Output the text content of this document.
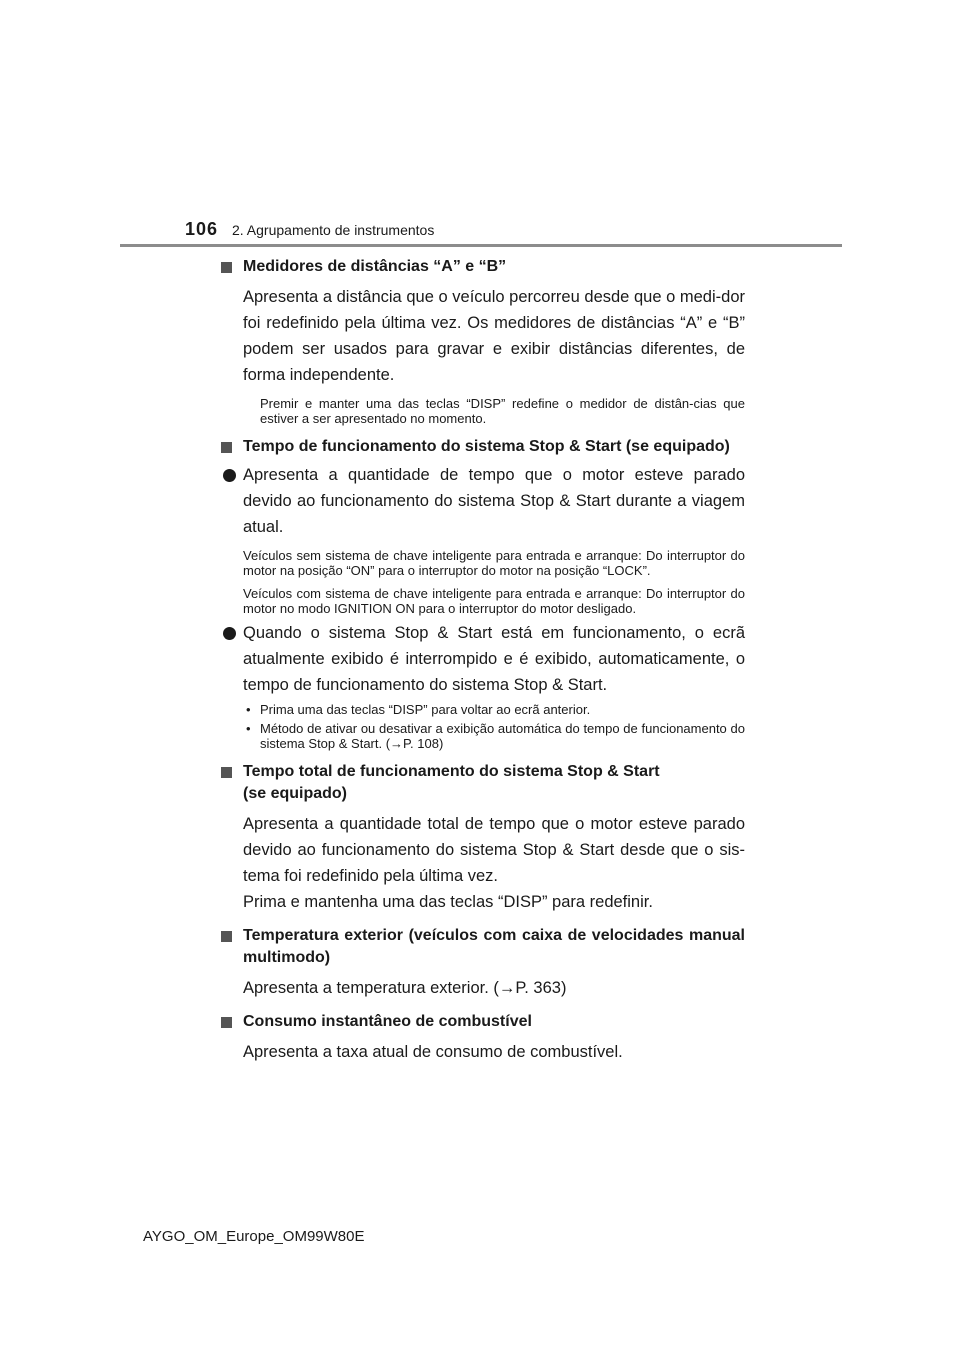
106 2. Agrupamento de instrumentos
Medidores de distâncias “A” e “B”
Apresenta a distância que o veículo percorreu desde que o medi-dor foi redefinido pela última vez. Os medidores de distâncias “A” e “B” podem ser usados para gravar e exibir distâncias diferentes, de forma independente.
Premir e manter uma das teclas “DISP” redefine o medidor de distân-cias que estiver a ser apresentado no momento.
Tempo de funcionamento do sistema Stop & Start (se equipado)
Apresenta a quantidade de tempo que o motor esteve parado devido ao funcionamento do sistema Stop & Start durante a viagem atual.
Veículos sem sistema de chave inteligente para entrada e arranque: Do interruptor do motor na posição “ON” para o interruptor do motor na posição “LOCK”.
Veículos com sistema de chave inteligente para entrada e arranque: Do interruptor do motor no modo IGNITION ON para o interruptor do motor desligado.
Quando o sistema Stop & Start está em funcionamento, o ecrã atualmente exibido é interrompido e é exibido, automaticamente, o tempo de funcionamento do sistema Stop & Start.
• Prima uma das teclas “DISP” para voltar ao ecrã anterior.
• Método de ativar ou desativar a exibição automática do tempo de funcionamento do sistema Stop & Start. (→P. 108)
Tempo total de funcionamento do sistema Stop & Start
(se equipado)
Apresenta a quantidade total de tempo que o motor esteve parado devido ao funcionamento do sistema Stop & Start desde que o sis-tema foi redefinido pela última vez.
Prima e mantenha uma das teclas “DISP” para redefinir.
Temperatura exterior (veículos com caixa de velocidades manual multimodo)
Apresenta a temperatura exterior. (→P. 363)
Consumo instantâneo de combustível
Apresenta a taxa atual de consumo de combustível.
AYGO_OM_Europe_OM99W80E
